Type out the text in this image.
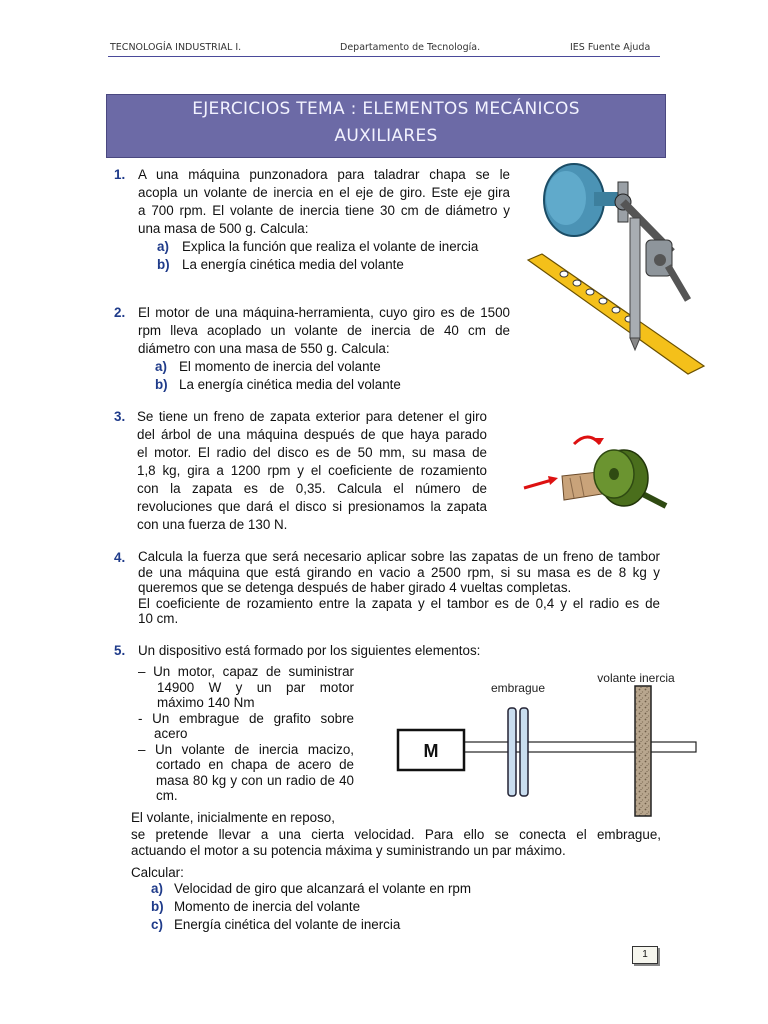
TECNOLOGÍA INDUSTRIAL I.	Departamento de Tecnología.	IES Fuente Ajuda
EJERCICIOS TEMA : ELEMENTOS MECÁNICOS
AUXILIARES
1. A una máquina punzonadora para taladrar chapa se le
acopla un volante de inercia en el eje de giro. Este eje gira
a 700 rpm. El volante de inercia tiene 30 cm de diámetro y
una masa de 500 g. Calcula:
a) Explica la función que realiza el volante de inercia
b) La energía cinética media del volante
2. El motor de una máquina-herramienta, cuyo giro es de 1500
rpm lleva acoplado un volante de inercia de 40 cm de
diámetro con una masa de 550 g. Calcula:
a) El momento de inercia del volante
b) La energía cinética media del volante
3. Se tiene un freno de zapata exterior para detener el giro
del árbol de una máquina después de que haya parado
el motor. El radio del disco es de 50 mm, su masa de
1,8 kg, gira a 1200 rpm y el coeficiente de rozamiento
con la zapata es de 0,35. Calcula el número de
revoluciones que dará el disco si presionamos la zapata
con una fuerza de 130 N.
4. Calcula la fuerza que será necesario aplicar sobre las zapatas de un freno de tambor
de una máquina que está girando en vacio a 2500 rpm, si su masa es de 8 kg y
queremos que se detenga después de haber girado 4 vueltas completas.
El coeficiente de rozamiento entre la zapata y el tambor es de 0,4 y el radio es de
10 cm.
5. Un dispositivo está formado por los siguientes elementos:
– Un motor, capaz de suministrar
14900 W y un par motor
máximo 140 Nm
- Un embrague de grafito sobre
acero
– Un volante de inercia macizo,
cortado en chapa de acero de
masa 80 kg y con un radio de 40
cm.
M
embrague
volante inercia
El volante, inicialmente en reposo,
se pretende llevar a una cierta velocidad. Para ello se conecta el embrague,
actuando el motor a su potencia máxima y suministrando un par máximo.
Calcular:
a) Velocidad de giro que alcanzará el volante en rpm
b) Momento de inercia del volante
c) Energía cinética del volante de inercia
1
